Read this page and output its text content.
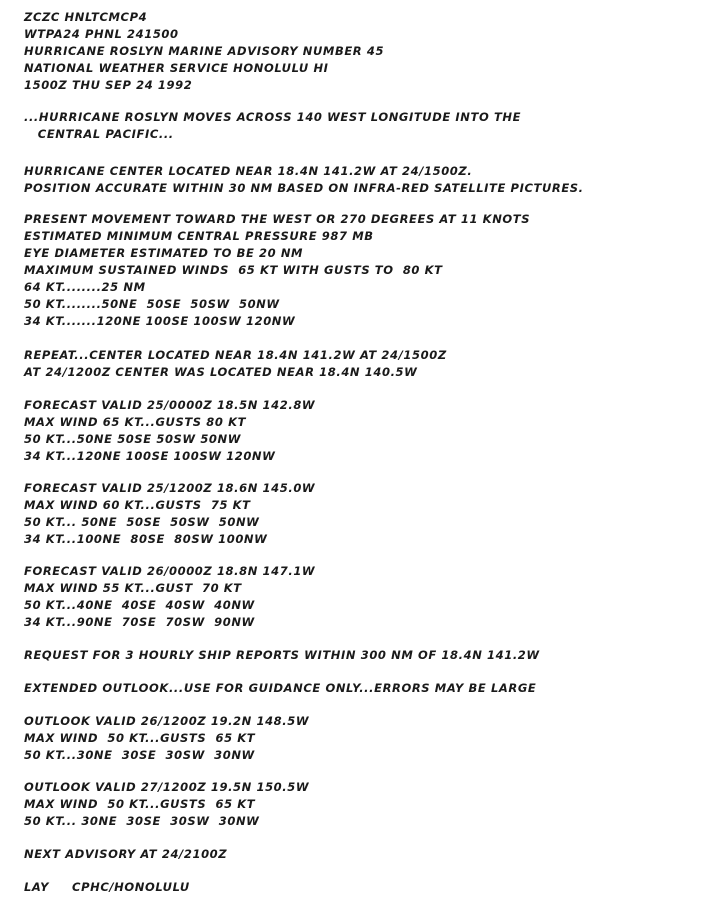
ZCZC HNLTCMCP4
WTPA24 PHNL 241500
HURRICANE ROSLYN MARINE ADVISORY NUMBER 45
NATIONAL WEATHER SERVICE HONOLULU HI
1500Z THU SEP 24 1992
...HURRICANE ROSLYN MOVES ACROSS 140 WEST LONGITUDE INTO THE
CENTRAL PACIFIC...
HURRICANE CENTER LOCATED NEAR 18.4N 141.2W AT 24/1500Z.
POSITION ACCURATE WITHIN 30 NM BASED ON INFRA-RED SATELLITE PICTURES.
PRESENT MOVEMENT TOWARD THE WEST OR 270 DEGREES AT 11 KNOTS
ESTIMATED MINIMUM CENTRAL PRESSURE 987 MB
EYE DIAMETER ESTIMATED TO BE 20 NM
MAXIMUM SUSTAINED WINDS  65 KT WITH GUSTS TO  80 KT
64 KT........25 NM
50 KT........50NE  50SE  50SW  50NW
34 KT.......120NE 100SE 100SW 120NW
REPEAT...CENTER LOCATED NEAR 18.4N 141.2W AT 24/1500Z
AT 24/1200Z CENTER WAS LOCATED NEAR 18.4N 140.5W
FORECAST VALID 25/0000Z 18.5N 142.8W
MAX WIND 65 KT...GUSTS 80 KT
50 KT...50NE 50SE 50SW 50NW
34 KT...120NE 100SE 100SW 120NW
FORECAST VALID 25/1200Z 18.6N 145.0W
MAX WIND 60 KT...GUSTS  75 KT
50 KT... 50NE  50SE  50SW  50NW
34 KT...100NE  80SE  80SW 100NW
FORECAST VALID 26/0000Z 18.8N 147.1W
MAX WIND 55 KT...GUST  70 KT
50 KT...40NE  40SE  40SW  40NW
34 KT...90NE  70SE  70SW  90NW
REQUEST FOR 3 HOURLY SHIP REPORTS WITHIN 300 NM OF 18.4N 141.2W
EXTENDED OUTLOOK...USE FOR GUIDANCE ONLY...ERRORS MAY BE LARGE
OUTLOOK VALID 26/1200Z 19.2N 148.5W
MAX WIND  50 KT...GUSTS  65 KT
50 KT...30NE  30SE  30SW  30NW
OUTLOOK VALID 27/1200Z 19.5N 150.5W
MAX WIND  50 KT...GUSTS  65 KT
50 KT... 30NE  30SE  30SW  30NW
NEXT ADVISORY AT 24/2100Z
LAY     CPHC/HONOLULU
